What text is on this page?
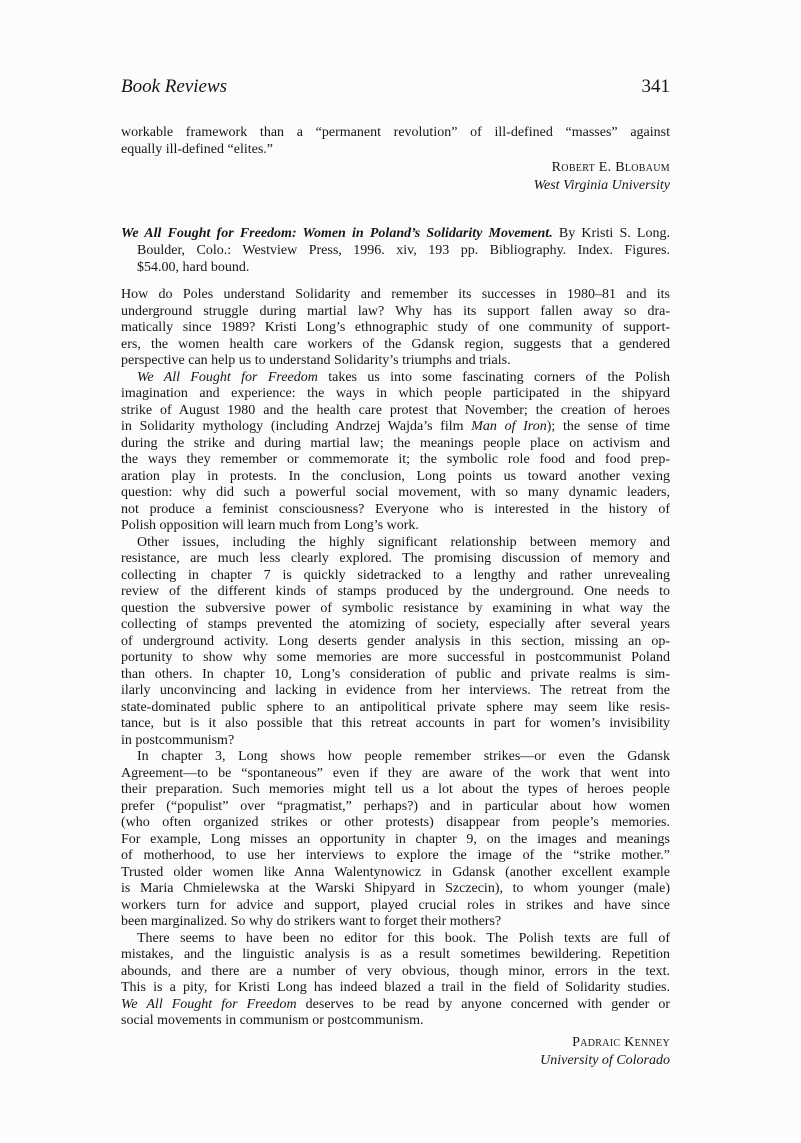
Book Reviews	341
workable framework than a “permanent revolution” of ill-defined “masses” against
equally ill-defined “elites.”
Robert E. Blobaum
West Virginia University
We All Fought for Freedom: Women in Poland’s Solidarity Movement. By Kristi S. Long.
Boulder, Colo.: Westview Press, 1996. xiv, 193 pp. Bibliography. Index. Figures.
$54.00, hard bound.
How do Poles understand Solidarity and remember its successes in 1980–81 and its
underground struggle during martial law? Why has its support fallen away so dra-
matically since 1989? Kristi Long’s ethnographic study of one community of support-
ers, the women health care workers of the Gdansk region, suggests that a gendered
perspective can help us to understand Solidarity’s triumphs and trials.
We All Fought for Freedom takes us into some fascinating corners of the Polish
imagination and experience: the ways in which people participated in the shipyard
strike of August 1980 and the health care protest that November; the creation of heroes
in Solidarity mythology (including Andrzej Wajda’s film Man of Iron); the sense of time
during the strike and during martial law; the meanings people place on activism and
the ways they remember or commemorate it; the symbolic role food and food prep-
aration play in protests. In the conclusion, Long points us toward another vexing
question: why did such a powerful social movement, with so many dynamic leaders,
not produce a feminist consciousness? Everyone who is interested in the history of
Polish opposition will learn much from Long’s work.
Other issues, including the highly significant relationship between memory and
resistance, are much less clearly explored. The promising discussion of memory and
collecting in chapter 7 is quickly sidetracked to a lengthy and rather unrevealing
review of the different kinds of stamps produced by the underground. One needs to
question the subversive power of symbolic resistance by examining in what way the
collecting of stamps prevented the atomizing of society, especially after several years
of underground activity. Long deserts gender analysis in this section, missing an op-
portunity to show why some memories are more successful in postcommunist Poland
than others. In chapter 10, Long’s consideration of public and private realms is sim-
ilarly unconvincing and lacking in evidence from her interviews. The retreat from the
state-dominated public sphere to an antipolitical private sphere may seem like resis-
tance, but is it also possible that this retreat accounts in part for women’s invisibility
in postcommunism?
In chapter 3, Long shows how people remember strikes—or even the Gdansk
Agreement—to be “spontaneous” even if they are aware of the work that went into
their preparation. Such memories might tell us a lot about the types of heroes people
prefer (“populist” over “pragmatist,” perhaps?) and in particular about how women
(who often organized strikes or other protests) disappear from people’s memories.
For example, Long misses an opportunity in chapter 9, on the images and meanings
of motherhood, to use her interviews to explore the image of the “strike mother.”
Trusted older women like Anna Walentynowicz in Gdansk (another excellent example
is Maria Chmielewska at the Warski Shipyard in Szczecin), to whom younger (male)
workers turn for advice and support, played crucial roles in strikes and have since
been marginalized. So why do strikers want to forget their mothers?
There seems to have been no editor for this book. The Polish texts are full of
mistakes, and the linguistic analysis is as a result sometimes bewildering. Repetition
abounds, and there are a number of very obvious, though minor, errors in the text.
This is a pity, for Kristi Long has indeed blazed a trail in the field of Solidarity studies.
We All Fought for Freedom deserves to be read by anyone concerned with gender or
social movements in communism or postcommunism.
Padraic Kenney
University of Colorado
